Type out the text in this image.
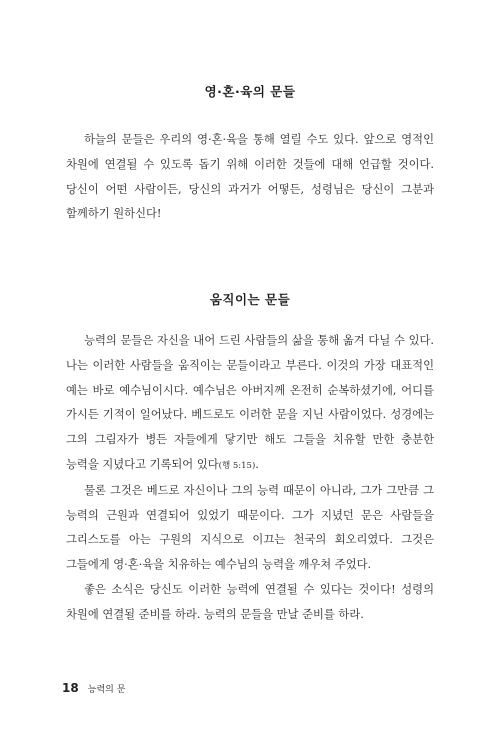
영·혼·육의 문들

하늘의 문들은 우리의 영·혼·육을 통해 열릴 수도 있다. 앞으로 영적인 차원에 연결될 수 있도록 돕기 위해 이러한 것들에 대해 언급할 것이다. 당신이 어떤 사람이든, 당신의 과거가 어떻든, 성령님은 당신이 그분과 함께하기 원하신다!

움직이는 문들

능력의 문들은 자신을 내어 드린 사람들의 삶을 통해 옮겨 다닐 수 있다. 나는 이러한 사람들을 움직이는 문들이라고 부른다. 이것의 가장 대표적인 예는 바로 예수님이시다. 예수님은 아버지께 온전히 순복하셨기에, 어디를 가시든 기적이 일어났다. 베드로도 이러한 문을 지닌 사람이었다. 성경에는 그의 그림자가 병든 자들에게 닿기만 해도 그들을 치유할 만한 충분한 능력을 지녔다고 기록되어 있다(행 5:15).

물론 그것은 베드로 자신이나 그의 능력 때문이 아니라, 그가 그만큼 그 능력의 근원과 연결되어 있었기 때문이다. 그가 지녔던 문은 사람들을 그리스도를 아는 구원의 지식으로 이끄는 천국의 회오리였다. 그것은 그들에게 영·혼·육을 치유하는 예수님의 능력을 깨우쳐 주었다.

좋은 소식은 당신도 이러한 능력에 연결될 수 있다는 것이다! 성령의 차원에 연결될 준비를 하라. 능력의 문들을 만날 준비를 하라.

18 능력의 문
